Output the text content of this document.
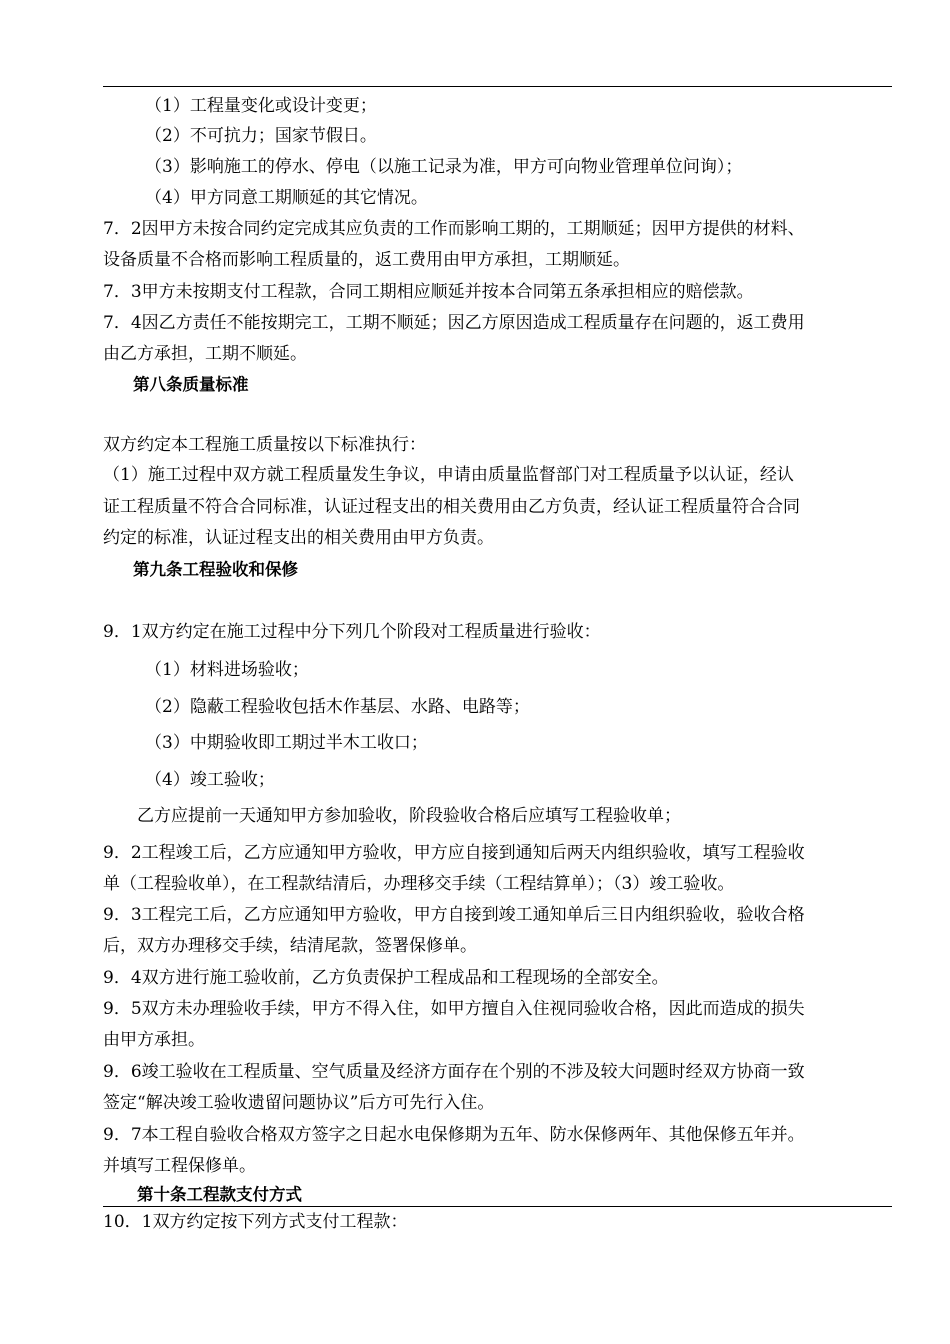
（1）工程量变化或设计变更；
（2）不可抗力；国家节假日。
（3）影响施工的停水、停电（以施工记录为准，甲方可向物业管理单位问询）；
（4）甲方同意工期顺延的其它情况。
7．2因甲方未按合同约定完成其应负责的工作而影响工期的，工期顺延；因甲方提供的材料、
设备质量不合格而影响工程质量的，返工费用由甲方承担，工期顺延。
7．3甲方未按期支付工程款，合同工期相应顺延并按本合同第五条承担相应的赔偿款。
7．4因乙方责任不能按期完工，工期不顺延；因乙方原因造成工程质量存在问题的，返工费用
由乙方承担，工期不顺延。
第八条质量标准
双方约定本工程施工质量按以下标准执行：
（1）施工过程中双方就工程质量发生争议，申请由质量监督部门对工程质量予以认证，经认
证工程质量不符合合同标准，认证过程支出的相关费用由乙方负责，经认证工程质量符合合同
约定的标准，认证过程支出的相关费用由甲方负责。
第九条工程验收和保修
9．1双方约定在施工过程中分下列几个阶段对工程质量进行验收：
（1）材料进场验收；
（2）隐蔽工程验收包括木作基层、水路、电路等；
（3）中期验收即工期过半木工收口；
（4）竣工验收；
乙方应提前一天通知甲方参加验收，阶段验收合格后应填写工程验收单；
9．2工程竣工后，乙方应通知甲方验收，甲方应自接到通知后两天内组织验收，填写工程验收
单（工程验收单），在工程款结清后，办理移交手续（工程结算单）；（3）竣工验收。
9．3工程完工后，乙方应通知甲方验收，甲方自接到竣工通知单后三日内组织验收，验收合格
后，双方办理移交手续，结清尾款，签署保修单。
9．4双方进行施工验收前，乙方负责保护工程成品和工程现场的全部安全。
9．5双方未办理验收手续，甲方不得入住，如甲方擅自入住视同验收合格，因此而造成的损失
由甲方承担。
9．6竣工验收在工程质量、空气质量及经济方面存在个别的不涉及较大问题时经双方协商一致
签定“解决竣工验收遗留问题协议”后方可先行入住。
9．7本工程自验收合格双方签字之日起水电保修期为五年、防水保修两年、其他保修五年并。
并填写工程保修单。
第十条工程款支付方式
10．1双方约定按下列方式支付工程款：
